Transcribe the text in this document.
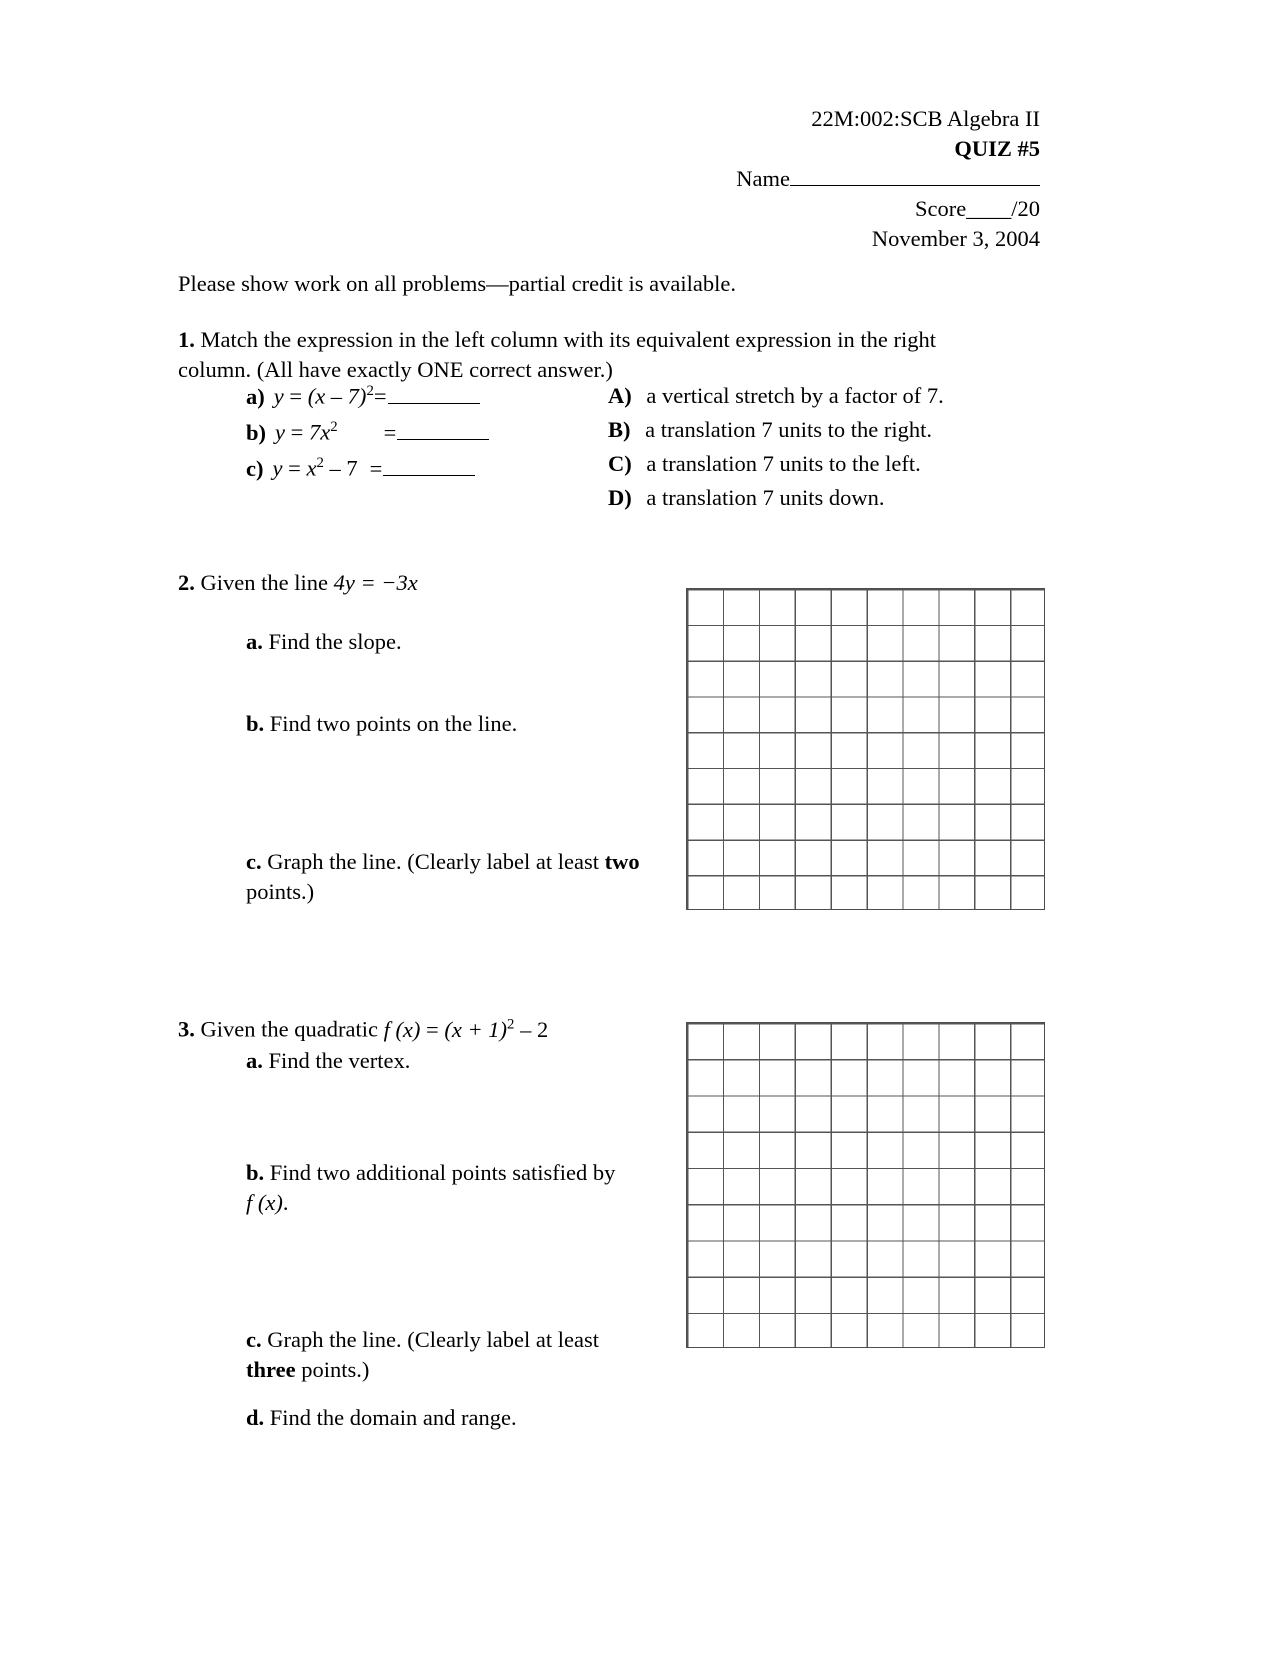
22M:002:SCB Algebra II
QUIZ #5
Name
Score____/20
November 3, 2004
Please show work on all problems—partial credit is available.
1. Match the expression in the left column with its equivalent expression in the right column. (All have exactly ONE correct answer.)
a) y = (x – 7)$^2$=
b) $y = 7x^2$ =
c) $y = x^2 - 7$ =
A) a vertical stretch by a factor of 7.
B) a translation 7 units to the right.
C) a translation 7 units to the left.
D) a translation 7 units down.
2. Given the line 4y = −3x
a. Find the slope.
b. Find two points on the line.
c. Graph the line. (Clearly label at least two points.)
3. Given the quadratic f $(x) = (x + 1)^2 - 2$
a. Find the vertex.
b. Find two additional points satisfied by
f (x).
c. Graph the line. (Clearly label at least three points.)
d. Find the domain and range.
